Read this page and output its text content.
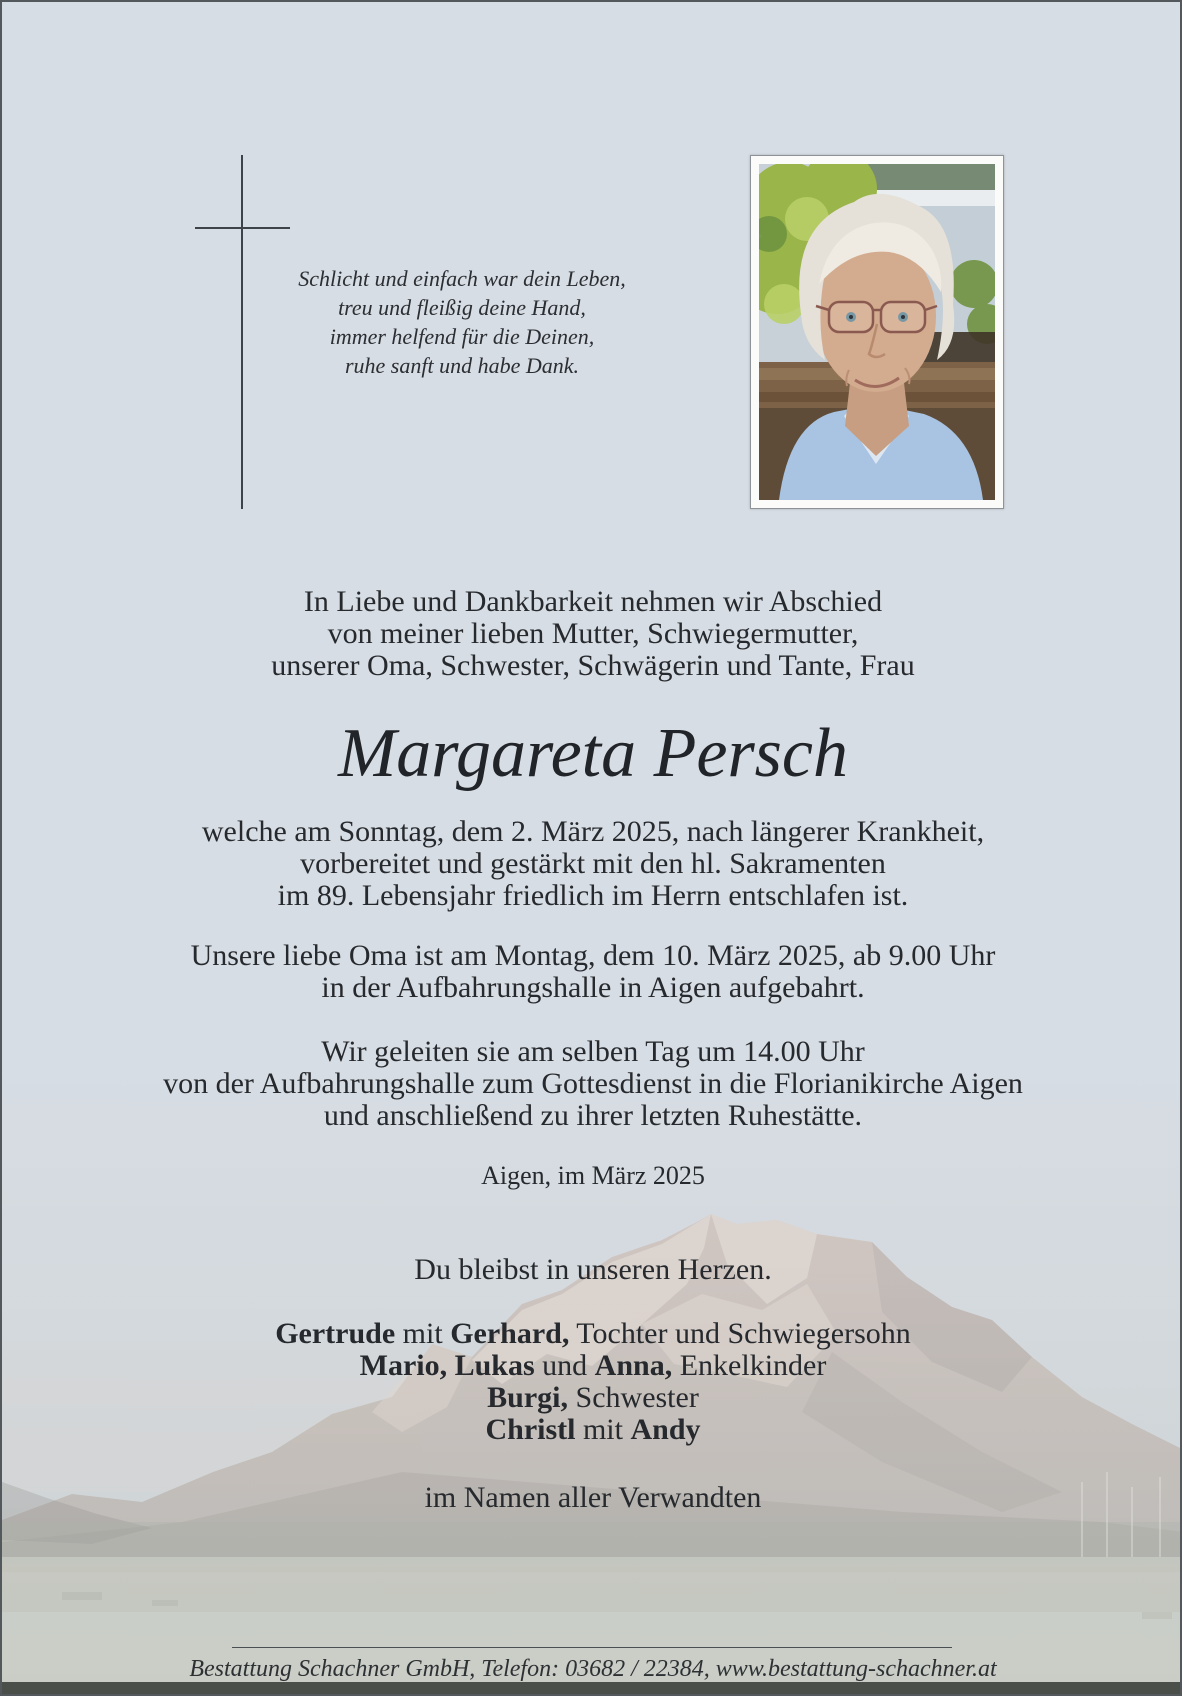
Schlicht und einfach war dein Leben,
treu und fleißig deine Hand,
immer helfend für die Deinen,
ruhe sanft und habe Dank.
In Liebe und Dankbarkeit nehmen wir Abschied
von meiner lieben Mutter, Schwiegermutter,
unserer Oma, Schwester, Schwägerin und Tante, Frau
Margareta Persch
welche am Sonntag, dem 2. März 2025, nach längerer Krankheit,
vorbereitet und gestärkt mit den hl. Sakramenten
im 89. Lebensjahr friedlich im Herrn entschlafen ist.
Unsere liebe Oma ist am Montag, dem 10. März 2025, ab 9.00 Uhr
in der Aufbahrungshalle in Aigen aufgebahrt.
Wir geleiten sie am selben Tag um 14.00 Uhr
von der Aufbahrungshalle zum Gottesdienst in die Florianikirche Aigen
und anschließend zu ihrer letzten Ruhestätte.
Aigen, im März 2025
Du bleibst in unseren Herzen.
Gertrude mit Gerhard, Tochter und Schwiegersohn
Mario, Lukas und Anna, Enkelkinder
Burgi, Schwester
Christl mit Andy
im Namen aller Verwandten
Bestattung Schachner GmbH, Telefon: 03682 / 22384, www.bestattung-schachner.at
